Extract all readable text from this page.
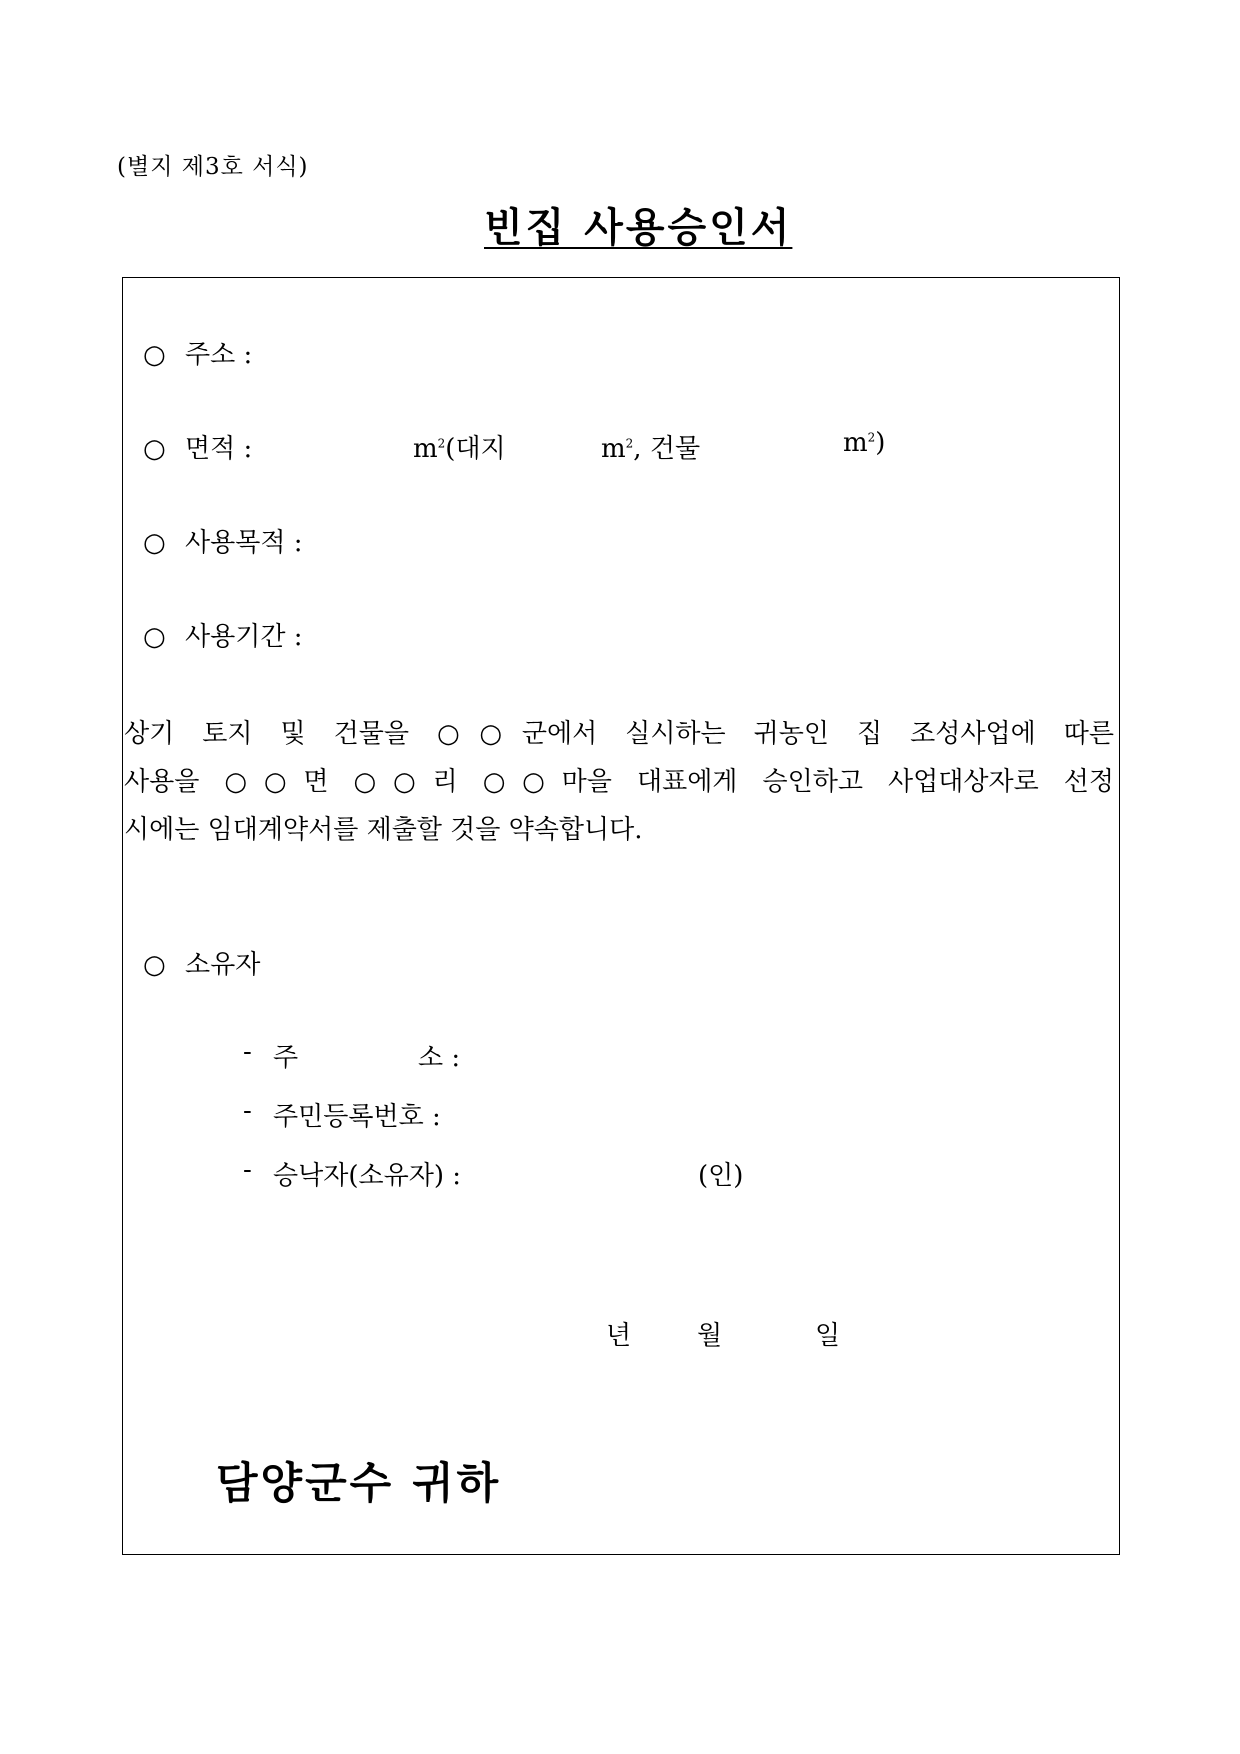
(별지 제3호 서식)
빈집 사용승인서
○ 주소 :
○ 면적 :	$m^2$(대지	$m^2$, 건물	$m^2$)
○ 사용목적 :
○ 사용기간 :
상기 토지 및 건물을 ○○군에서 실시하는 귀농인 집 조성사업에 따른
사용을 ○○면 ○○리 ○○마을 대표에게 승인하고 사업대상자로 선정
시에는 임대계약서를 제출할 것을 약속합니다.
○ 소유자
- 주	소 :
- 주민등록번호 :
- 승낙자(소유자) :	(인)
년	월	일
담양군수 귀하
